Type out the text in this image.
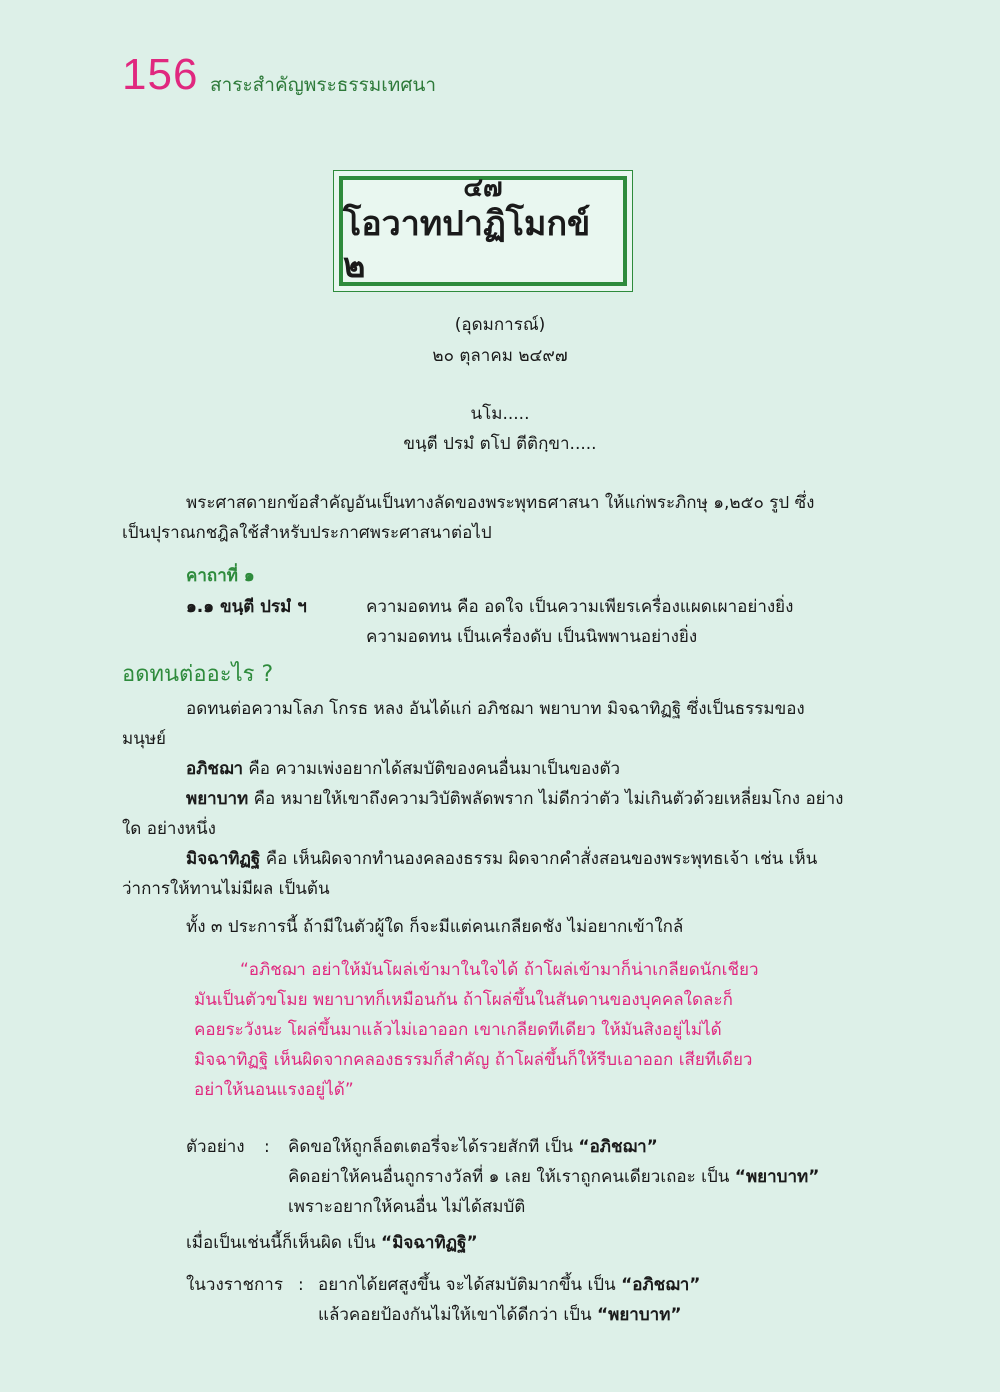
156 สาระสำคัญพระธรรมเทศนา
๔๗
โอวาทปาฏิโมกข์ ๒
(อุดมการณ์)
๒๐ ตุลาคม ๒๔๙๗
นโม.....
ขนฺตี ปรมํ ตโป ตีติกฺขา.....
พระศาสดายกข้อสำคัญอันเป็นทางลัดของพระพุทธศาสนา ให้แก่พระภิกษุ ๑,๒๕๐ รูป ซึ่ง
เป็นปุราณกชฎิลใช้สำหรับประกาศพระศาสนาต่อไป
คาถาที่ ๑
๑.๑ ขนฺตี ปรมํ ฯ	ความอดทน คือ อดใจ เป็นความเพียรเครื่องแผดเผาอย่างยิ่ง
ความอดทน เป็นเครื่องดับ เป็นนิพพานอย่างยิ่ง
อดทนต่ออะไร ?
อดทนต่อความโลภ โกรธ หลง อันได้แก่ อภิชฌา พยาบาท มิจฉาทิฏฐิ ซึ่งเป็นธรรมของ
มนุษย์
อภิชฌา คือ ความเพ่งอยากได้สมบัติของคนอื่นมาเป็นของตัว
พยาบาท คือ หมายให้เขาถึงความวิบัติพลัดพราก ไม่ดีกว่าตัว ไม่เกินตัวด้วยเหลี่ยมโกง อย่าง
ใด อย่างหนึ่ง
มิจฉาทิฏฐิ คือ เห็นผิดจากทำนองคลองธรรม ผิดจากคำสั่งสอนของพระพุทธเจ้า เช่น เห็น
ว่าการให้ทานไม่มีผล เป็นต้น
ทั้ง ๓ ประการนี้ ถ้ามีในตัวผู้ใด ก็จะมีแต่คนเกลียดชัง ไม่อยากเข้าใกล้
“อภิชฌา อย่าให้มันโผล่เข้ามาในใจได้ ถ้าโผล่เข้ามาก็น่าเกลียดนักเชียว
มันเป็นตัวขโมย พยาบาทก็เหมือนกัน ถ้าโผล่ขึ้นในสันดานของบุคคลใดละก็
คอยระวังนะ โผล่ขึ้นมาแล้วไม่เอาออก เขาเกลียดทีเดียว ให้มันสิงอยู่ไม่ได้
มิจฉาทิฏฐิ เห็นผิดจากคลองธรรมก็สำคัญ ถ้าโผล่ขึ้นก็ให้รีบเอาออก เสียทีเดียว
อย่าให้นอนแรงอยู่ได้”
ตัวอย่าง : คิดขอให้ถูกล็อตเตอรี่จะได้รวยสักที เป็น “อภิชฌา”
คิดอย่าให้คนอื่นถูกรางวัลที่ ๑ เลย ให้เราถูกคนเดียวเถอะ เป็น “พยาบาท”
เพราะอยากให้คนอื่น ไม่ได้สมบัติ
เมื่อเป็นเช่นนี้ก็เห็นผิด เป็น “มิจฉาทิฏฐิ”
ในวงราชการ : อยากได้ยศสูงขึ้น จะได้สมบัติมากขึ้น เป็น “อภิชฌา”
แล้วคอยป้องกันไม่ให้เขาได้ดีกว่า เป็น “พยาบาท”
